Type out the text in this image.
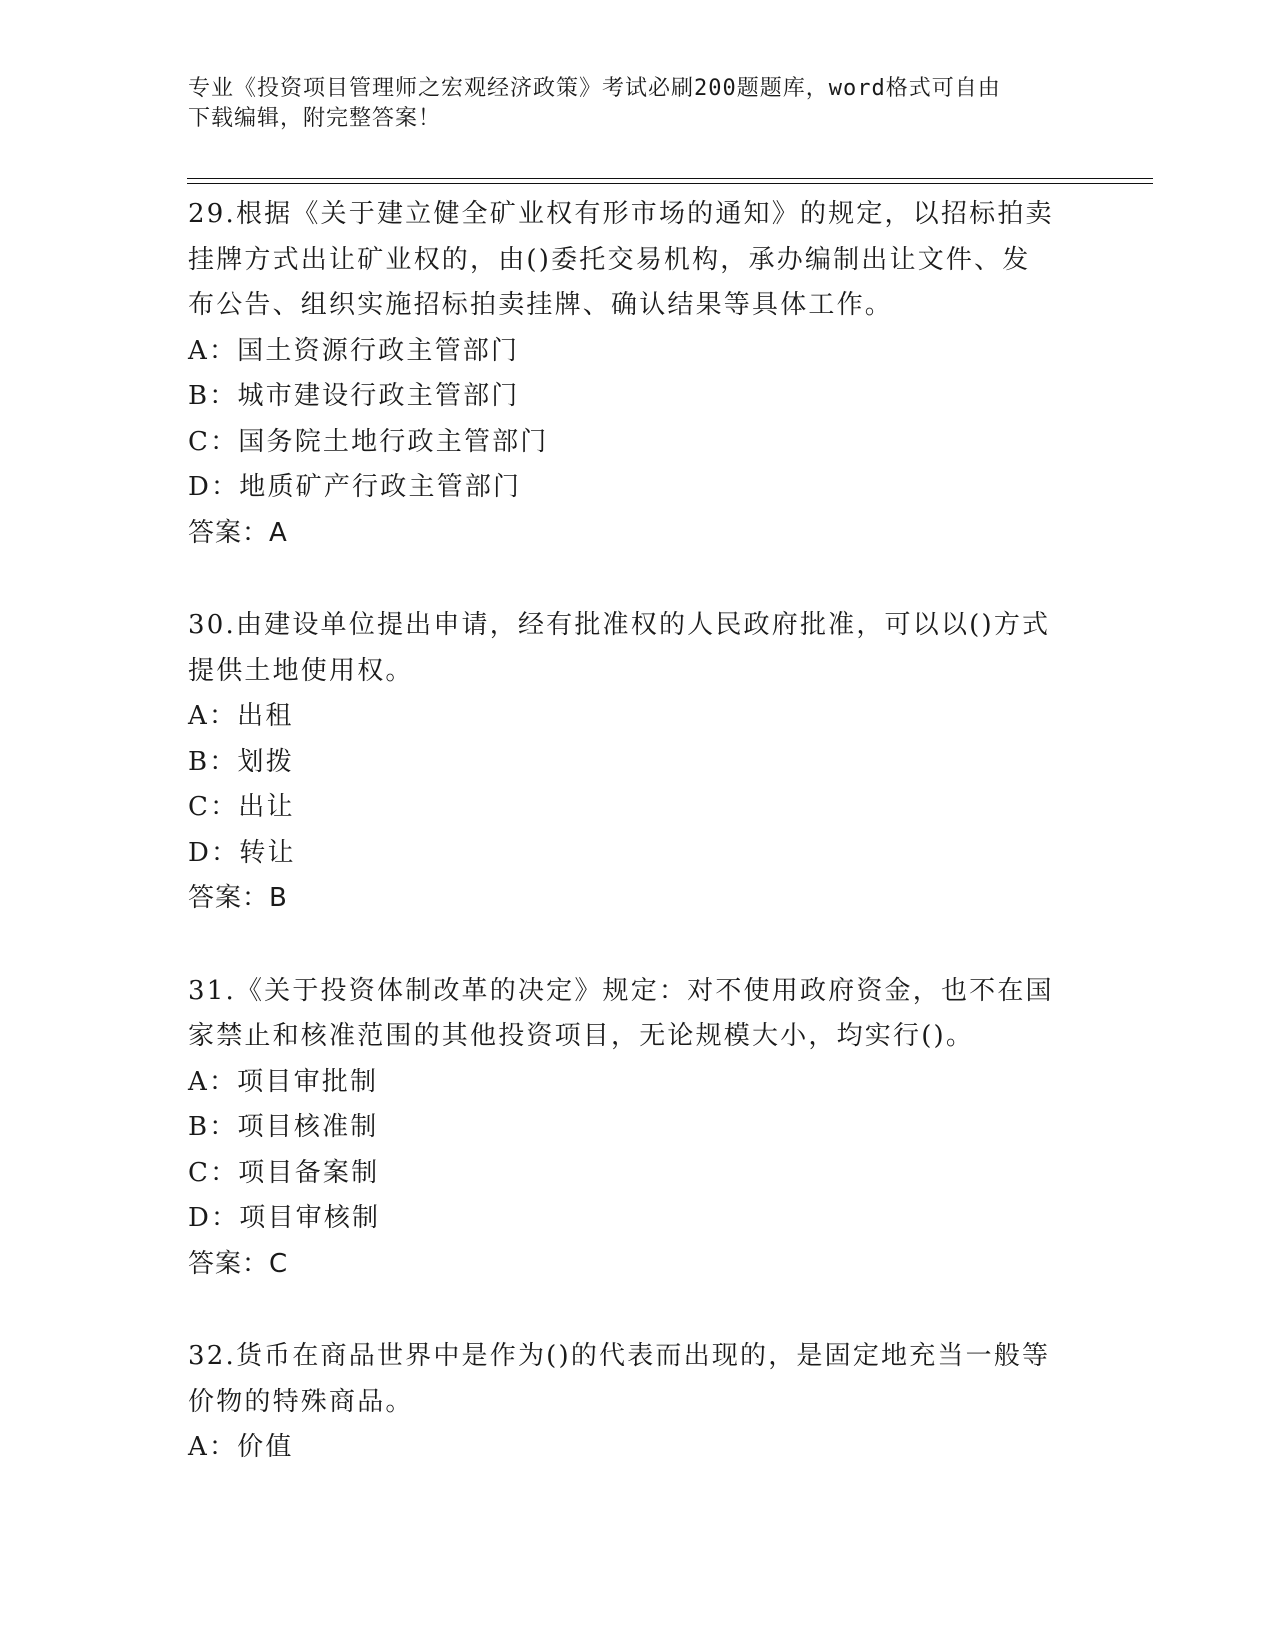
专业《投资项目管理师之宏观经济政策》考试必刷200题题库，word格式可自由
下载编辑，附完整答案！

29.根据《关于建立健全矿业权有形市场的通知》的规定，以招标拍卖

挂牌方式出让矿业权的，由()委托交易机构，承办编制出让文件、发

布公告、组织实施招标拍卖挂牌、确认结果等具体工作。

A：国土资源行政主管部门

B：城市建设行政主管部门

C：国务院土地行政主管部门

D：地质矿产行政主管部门

答案：A

30.由建设单位提出申请，经有批准权的人民政府批准，可以以()方式

提供土地使用权。

A：出租

B：划拨

C：出让

D：转让

答案：B

31.《关于投资体制改革的决定》规定：对不使用政府资金，也不在国

家禁止和核准范围的其他投资项目，无论规模大小，均实行()。

A：项目审批制

B：项目核准制

C：项目备案制

D：项目审核制

答案：C

32.货币在商品世界中是作为()的代表而出现的，是固定地充当一般等

价物的特殊商品。

A：价值
